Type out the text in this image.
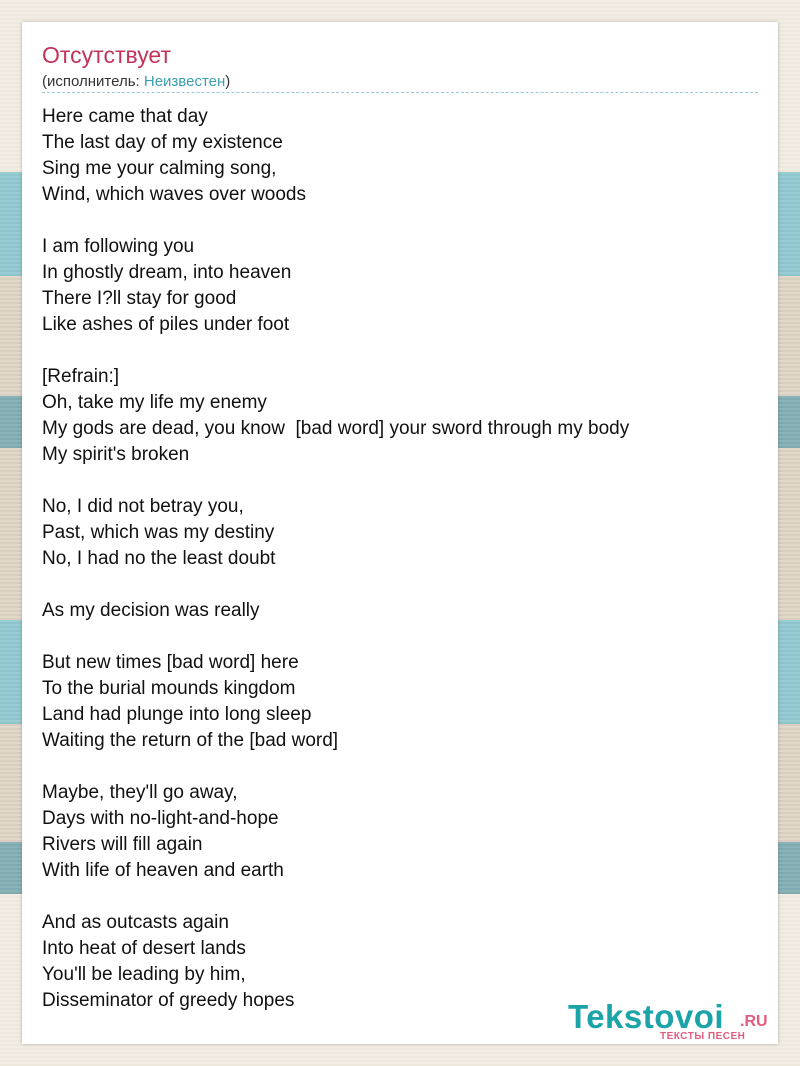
Отсутствует
(исполнитель: Неизвестен)
Here came that day
The last day of my existence
Sing me your calming song,
Wind, which waves over woods
I am following you
In ghostly dream, into heaven
There I?ll stay for good
Like ashes of piles under foot
[Refrain:]
Oh, take my life my enemy
My gods are dead, you know  [bad word] your sword through my body
My spirit's broken
No, I did not betray you,
Past, which was my destiny
No, I had no the least doubt
As my decision was really
But new times [bad word] here
To the burial mounds kingdom
Land had plunge into long sleep
Waiting the return of the [bad word]
Maybe, they'll go away,
Days with no-light-and-hope
Rivers will fill again
With life of heaven and earth
And as outcasts again
Into heat of desert lands
You'll be leading by him,
Disseminator of greedy hopes	Tekstovoi .RU
ТЕКСТЫ ПЕСЕН
